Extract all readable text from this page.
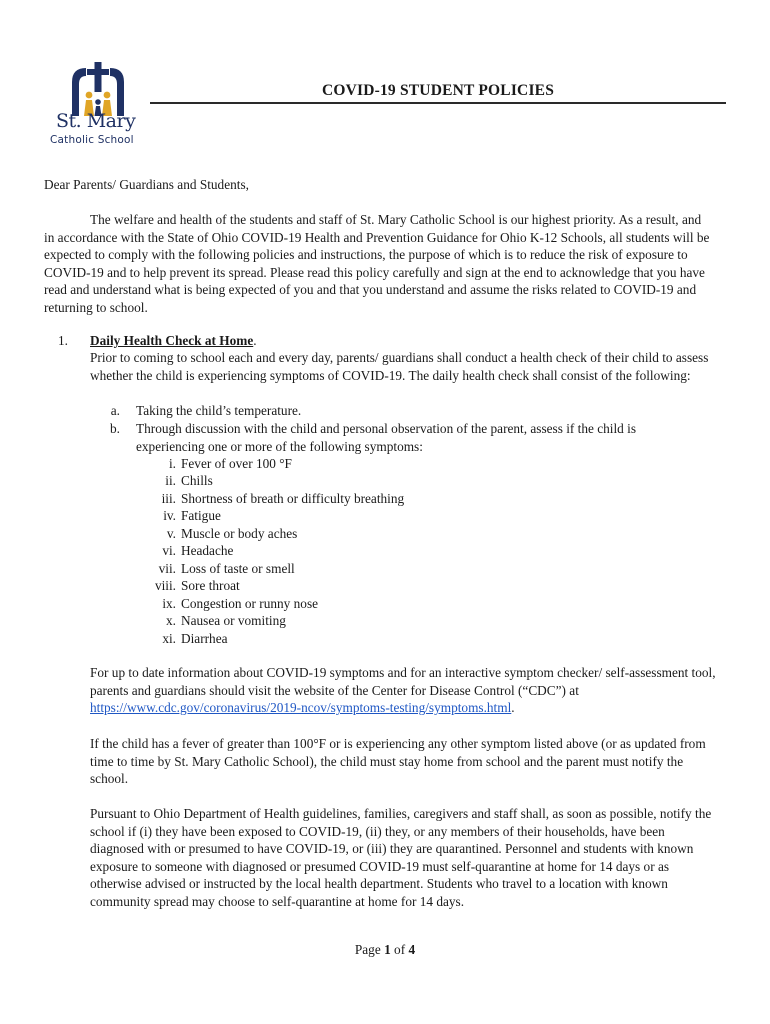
St. Mary
Catholic School
COVID-19 STUDENT POLICIES

Dear Parents/ Guardians and Students,

The welfare and health of the students and staff of St. Mary Catholic School is our highest priority. As a result, and in accordance with the State of Ohio COVID-19 Health and Prevention Guidance for Ohio K-12 Schools, all students will be expected to comply with the following policies and instructions, the purpose of which is to reduce the risk of exposure to COVID-19 and to help prevent its spread. Please read this policy carefully and sign at the end to acknowledge that you have read and understand what is being expected of you and that you understand and assume the risks related to COVID-19 and returning to school.

1. Daily Health Check at Home.

Prior to coming to school each and every day, parents/ guardians shall conduct a health check of their child to assess whether the child is experiencing symptoms of COVID-19. The daily health check shall consist of the following:

a. Taking the child’s temperature.
b. Through discussion with the child and personal observation of the parent, assess if the child is experiencing one or more of the following symptoms:
i. Fever of over 100 °F
ii. Chills
iii. Shortness of breath or difficulty breathing
iv. Fatigue
v. Muscle or body aches
vi. Headache
vii. Loss of taste or smell
viii. Sore throat
ix. Congestion or runny nose
x. Nausea or vomiting
xi. Diarrhea

For up to date information about COVID-19 symptoms and for an interactive symptom checker/ self-assessment tool, parents and guardians should visit the website of the Center for Disease Control (“CDC”) at https://www.cdc.gov/coronavirus/2019-ncov/symptoms-testing/symptoms.html.

If the child has a fever of greater than 100°F or is experiencing any other symptom listed above (or as updated from time to time by St. Mary Catholic School), the child must stay home from school and the parent must notify the school.

Pursuant to Ohio Department of Health guidelines, families, caregivers and staff shall, as soon as possible, notify the school if (i) they have been exposed to COVID-19, (ii) they, or any members of their households, have been diagnosed with or presumed to have COVID-19, or (iii) they are quarantined. Personnel and students with known exposure to someone with diagnosed or presumed COVID-19 must self-quarantine at home for 14 days or as otherwise advised or instructed by the local health department. Students who travel to a location with known community spread may choose to self-quarantine at home for 14 days.

Page 1 of 4
